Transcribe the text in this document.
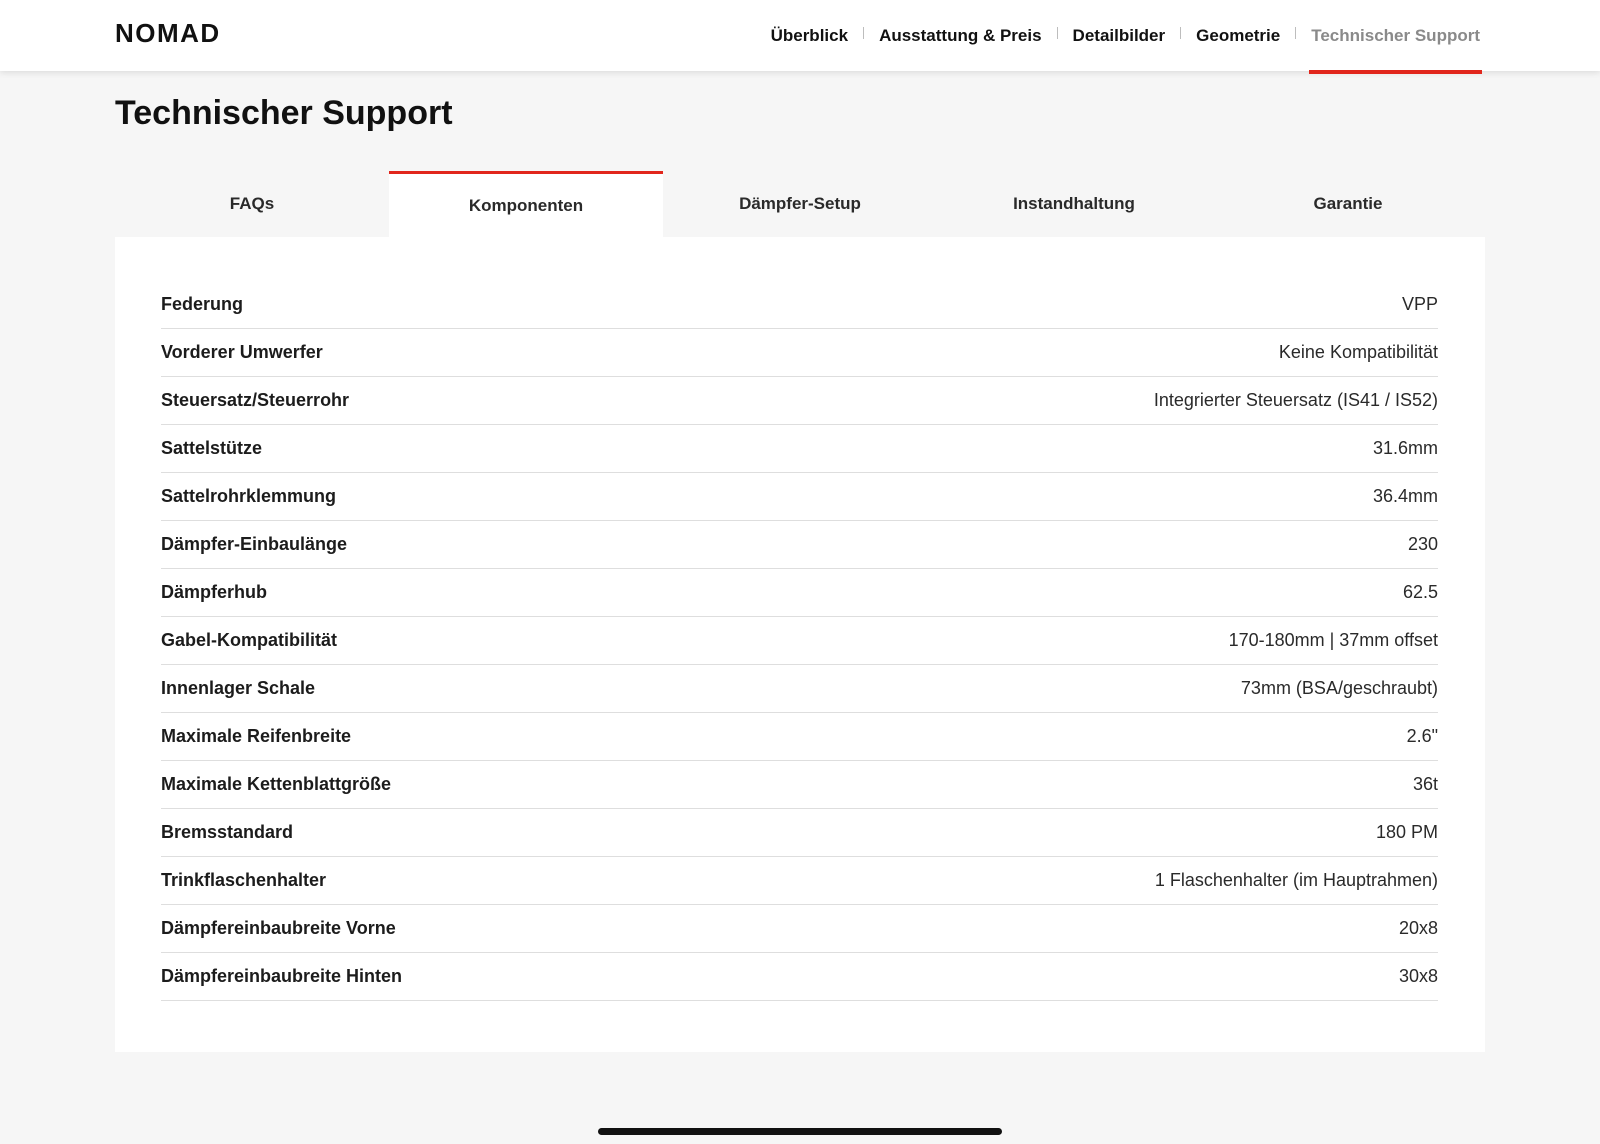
NOMAD	Überblick Ausstattung & Preis Detailbilder Geometrie Technischer Support
Technischer Support
FAQs	Komponenten	Dämpfer-Setup	Instandhaltung	Garantie
Federung	VPP
Vorderer Umwerfer	Keine Kompatibilität
Steuersatz/Steuerrohr	Integrierter Steuersatz (IS41 / IS52)
Sattelstütze	31.6mm
Sattelrohrklemmung	36.4mm
Dämpfer-Einbaulänge	230
Dämpferhub	62.5
Gabel-Kompatibilität	170-180mm | 37mm offset
Innenlager Schale	73mm (BSA/geschraubt)
Maximale Reifenbreite	2.6"
Maximale Kettenblattgröße	36t
Bremsstandard	180 PM
Trinkflaschenhalter	1 Flaschenhalter (im Hauptrahmen)
Dämpfereinbaubreite Vorne	20x8
Dämpfereinbaubreite Hinten	30x8
